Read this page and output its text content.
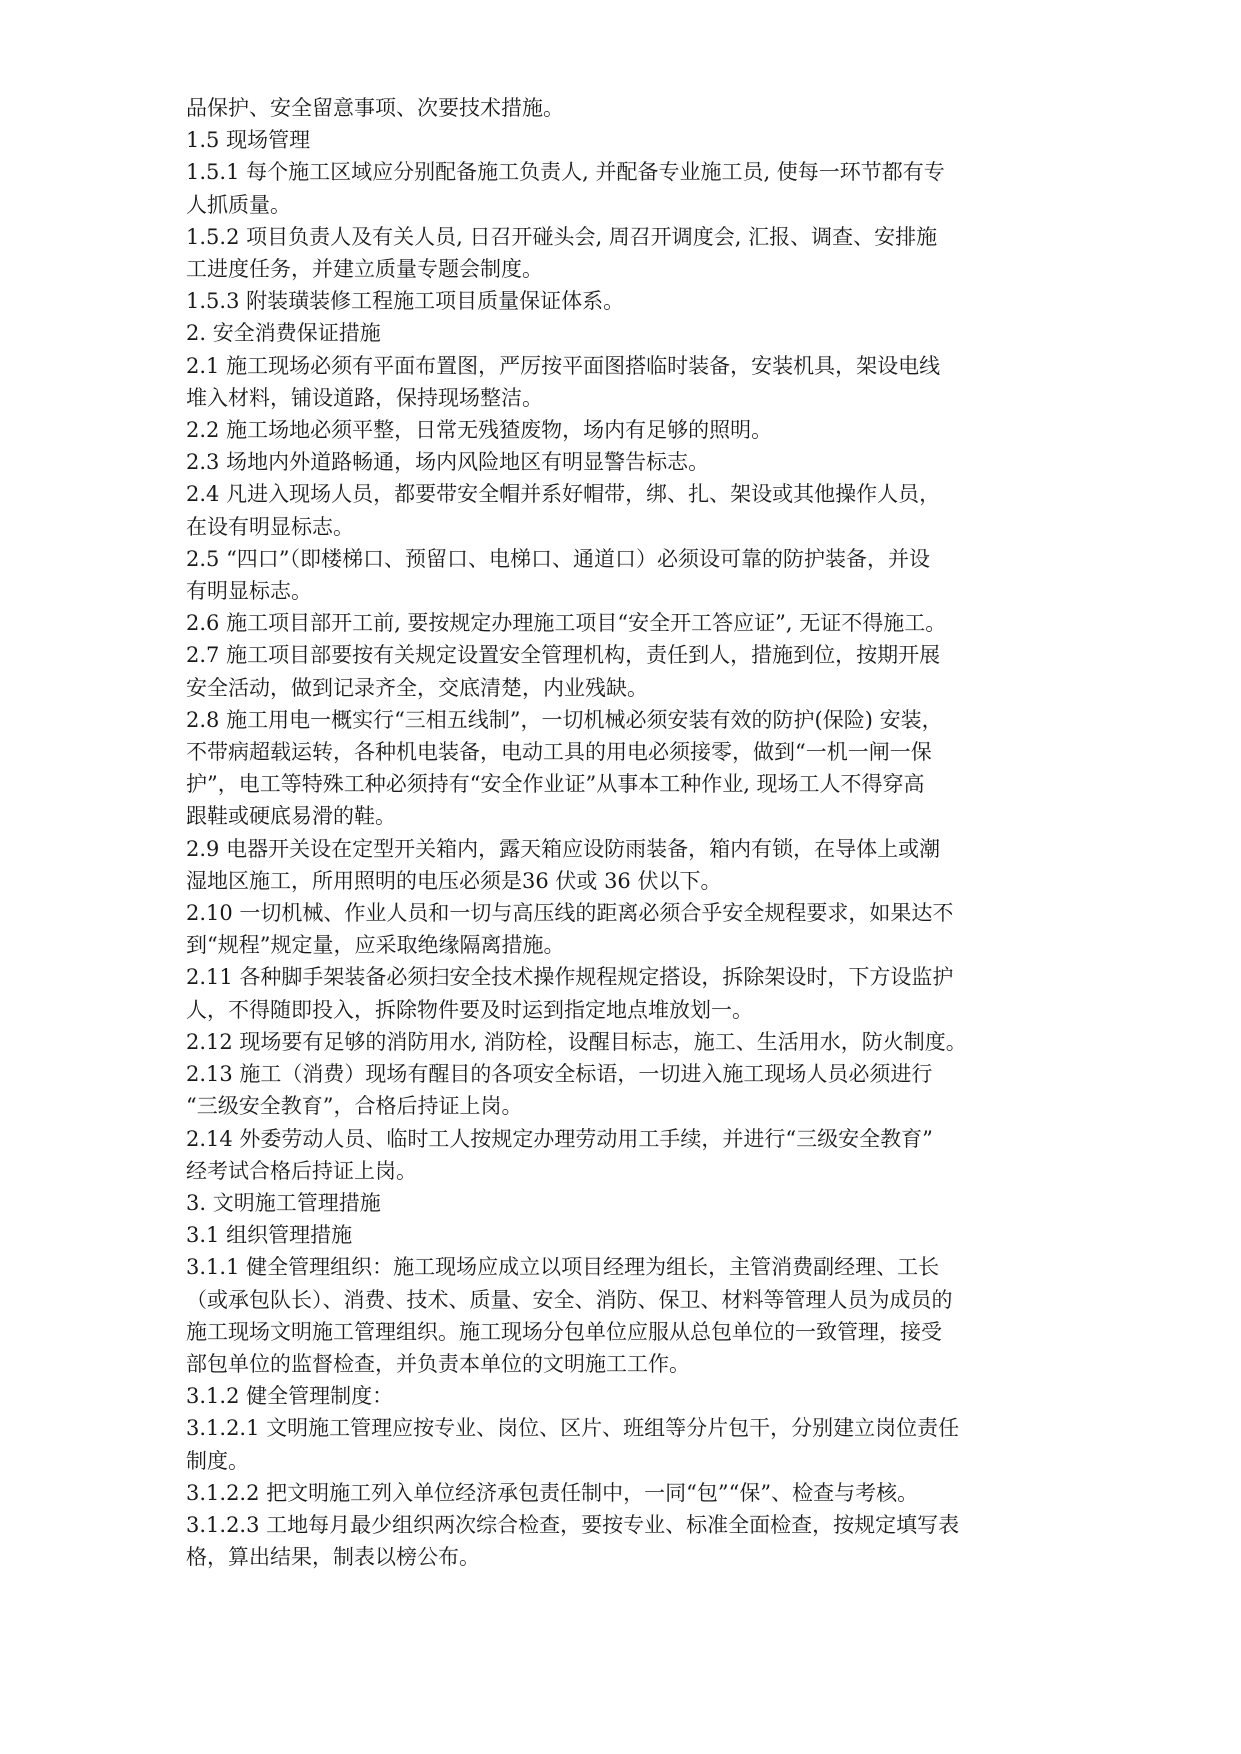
品保护、安全留意事项、次要技术措施。
1.5 现场管理
1.5.1 每个施工区域应分别配备施工负责人, 并配备专业施工员, 使每一环节都有专
人抓质量。
1.5.2 项目负责人及有关人员, 日召开碰头会, 周召开调度会, 汇报、调查、安排施
工进度任务，并建立质量专题会制度。
1.5.3 附装璜装修工程施工项目质量保证体系。
2. 安全消费保证措施
2.1 施工现场必须有平面布置图，严厉按平面图搭临时装备，安装机具，架设电线
堆入材料，铺设道路，保持现场整洁。
2.2 施工场地必须平整，日常无残猹废物，场内有足够的照明。
2.3 场地内外道路畅通，场内风险地区有明显警告标志。
2.4 凡进入现场人员，都要带安全帽并系好帽带，绑、扎、架设或其他操作人员，
在设有明显标志。
2.5 “四口”（即楼梯口、预留口、电梯口、通道口）必须设可靠的防护装备，并设
有明显标志。
2.6 施工项目部开工前, 要按规定办理施工项目“安全开工答应证”, 无证不得施工。
2.7 施工项目部要按有关规定设置安全管理机构，责任到人，措施到位，按期开展
安全活动，做到记录齐全，交底清楚，内业残缺。
2.8 施工用电一概实行“三相五线制”，一切机械必须安装有效的防护(保险) 安装，
不带病超载运转，各种机电装备，电动工具的用电必须接零，做到“一机一闸一保
护”，电工等特殊工种必须持有“安全作业证”从事本工种作业, 现场工人不得穿高
跟鞋或硬底易滑的鞋。
2.9 电器开关设在定型开关箱内，露天箱应设防雨装备，箱内有锁，在导体上或潮
湿地区施工，所用照明的电压必须是36 伏或 36 伏以下。
2.10 一切机械、作业人员和一切与高压线的距离必须合乎安全规程要求，如果达不
到“规程”规定量，应采取绝缘隔离措施。
2.11 各种脚手架装备必须扫安全技术操作规程规定搭设，拆除架设时，下方设监护
人，不得随即投入，拆除物件要及时运到指定地点堆放划一。
2.12 现场要有足够的消防用水, 消防栓，设醒目标志，施工、生活用水，防火制度。
2.13 施工（消费）现场有醒目的各项安全标语，一切进入施工现场人员必须进行
“三级安全教育”，合格后持证上岗。
2.14 外委劳动人员、临时工人按规定办理劳动用工手续，并进行“三级安全教育”
经考试合格后持证上岗。
3. 文明施工管理措施
3.1 组织管理措施
3.1.1 健全管理组织：施工现场应成立以项目经理为组长，主管消费副经理、工长
（或承包队长）、消费、技术、质量、安全、消防、保卫、材料等管理人员为成员的
施工现场文明施工管理组织。施工现场分包单位应服从总包单位的一致管理，接受
部包单位的监督检查，并负责本单位的文明施工工作。
3.1.2 健全管理制度：
3.1.2.1 文明施工管理应按专业、岗位、区片、班组等分片包干，分别建立岗位责任
制度。
3.1.2.2 把文明施工列入单位经济承包责任制中，一同“包”“保”、检查与考核。
3.1.2.3 工地每月最少组织两次综合检查，要按专业、标准全面检查，按规定填写表
格，算出结果，制表以榜公布。
